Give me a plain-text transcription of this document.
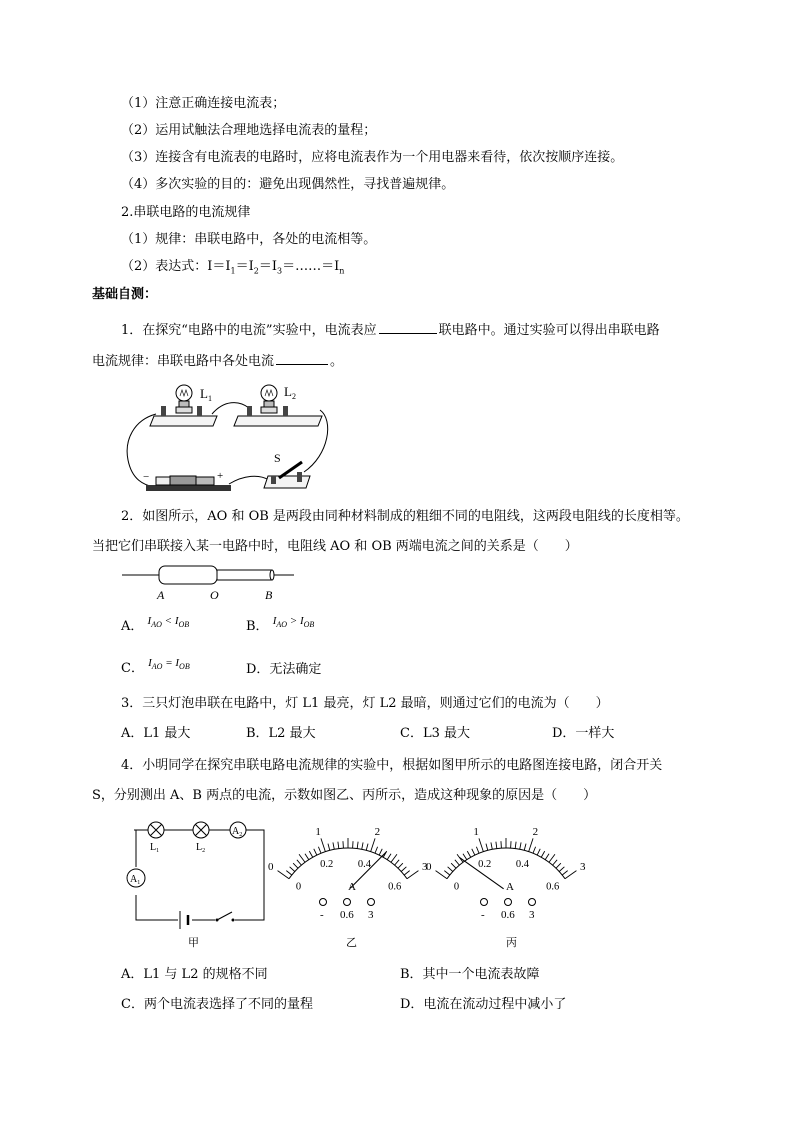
（1）注意正确连接电流表；
（2）运用试触法合理地选择电流表的量程；
（3）连接含有电流表的电路时，应将电流表作为一个用电器来看待，依次按顺序连接。
（4）多次实验的目的：避免出现偶然性，寻找普遍规律。
2.串联电路的电流规律
（1）规律：串联电路中，各处的电流相等。
（2）表达式：$I=I_1=I_2=I_3=\dots\dots=I_n$
基础自测：
1．在探究“电路中的电流”实验中，电流表应	联电路中。通过实验可以得出串联电路
电流规律：串联电路中各处电流	。
$L_1$	$L_2$
−	+
S
2．如图所示，AO 和 OB 是两段由同种材料制成的粗细不同的电阻线，这两段电阻线的长度相等。
当把它们串联接入某一电路中时，电阻线 AO 和 OB 两端电流之间的关系是（　　）
A	O	B
A． $^{I_{AO} < I_{OB}}$	B． $^{I_{AO} > I_{OB}}$
C． $^{I_{AO} = I_{OB}}$	D．无法确定
3．三只灯泡串联在电路中，灯 L1 最亮，灯 L2 最暗，则通过它们的电流为（　　）
A．L1 最大	B．L2 最大	C．L3 最大	D．一样大
4．小明同学在探究串联电路电流规律的实验中，根据如图甲所示的电路图连接电路，闭合开关
S，分别测出 A、B 两点的电流，示数如图乙、丙所示，造成这种现象的原因是（　　）
$A_1$
$A_2$
$L_1$	$L_2$
甲
0
1	2
3
0
0.2 0.4
0.6
A
- 0.6 3
乙
0
1	2
3
0
0.2 0.4
0.6
A
- 0.6 3
丙
A．L1 与 L2 的规格不同	B．其中一个电流表故障
C．两个电流表选择了不同的量程	D．电流在流动过程中减小了
